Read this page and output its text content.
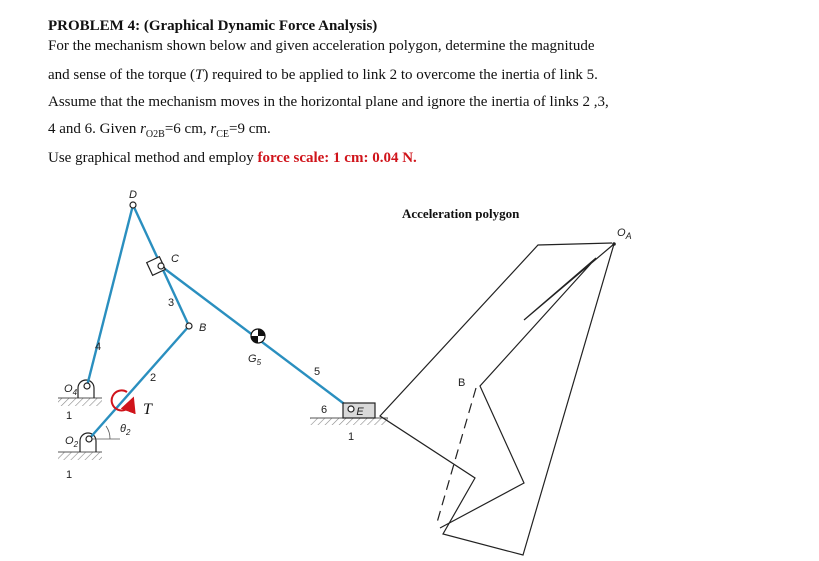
PROBLEM 4: (Graphical Dynamic Force Analysis)
For the mechanism shown below and given acceleration polygon, determine the magnitude
and sense of the torque (T) required to be applied to link 2 to overcome the inertia of link 5.
Assume that the mechanism moves in the horizontal plane and ignore the inertia of links 2 ,3,
4 and 6. Given $r_{O2B}=6$ cm, $r_{CE}=9$ cm.
Use graphical method and employ force scale: 1 cm: 0.04 N.
D
C
B
3
4
2	5
6
$G_5$
$O_4$
$O_2$
$\theta_2$
T	E
1
1
1
Acceleration polygon
$O_A$
B
